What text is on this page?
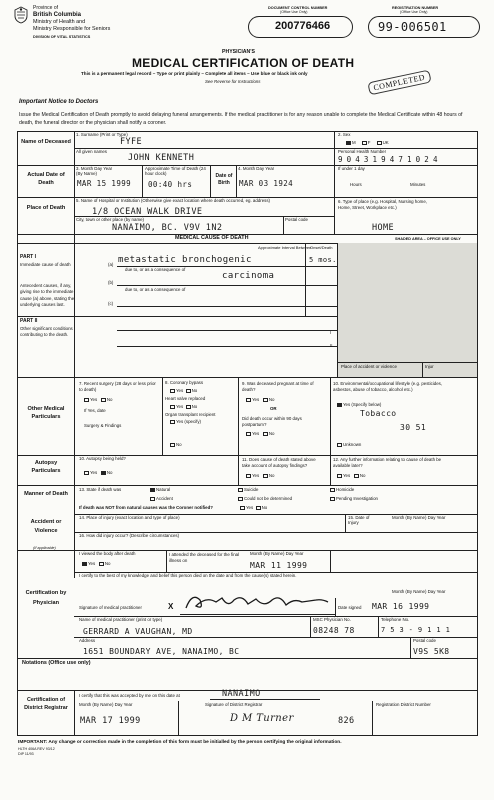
Province of
British Columbia
Ministry of Health and
Ministry Responsible for Seniors
DIVISION OF VITAL STATISTICS
DOCUMENT CONTROL NUMBER
(Office Use Only)
200776466
REGISTRATION NUMBER
(Office Use Only)
99-006501
PHYSICIAN'S
MEDICAL CERTIFICATION OF DEATH
This is a permanent legal record – Type or print plainly – Complete all items – Use blue or black ink only
See Reverse for Instructions	COMPLETED
Important Notice to Doctors
Issue the Medical Certification of Death promptly to avoid delaying funeral arrangements. If the medical practitioner is for any reason unable to complete the Medical Certificate within 48 hours of death, the funeral director or the physician shall notify a coroner.
Name of Deceased
1. Surname (Print or Type)
FYFE
All given names
JOHN KENNETH
2. Sex
M	F	UK
Personal Health Number
9 0 4 3 1 9 4 7 1 0 2 4
Actual Date of Death
3. Month Day Year
(By Name)
MAR 15 1999
Approximate Time of Death (24 hour clock)
00:40 hrs
Date of Birth
4. Month Day Year
MAR 03 1924
If under 1 day
Hours	Minutes
Place of Death
5. Name of Hospital or Institution (Otherwise give exact location where death occurred, eg. address)
1/8 OCEAN WALK DRIVE
City, town or other place (by name)
NANAIMO, BC. V9V 1N2
Postal code
6. Type of place (e.g. Hospital, Nursing home, Home, Street, Workplace etc.)
HOME
MEDICAL CAUSE OF DEATH	SHADED AREA – OFFICE USE ONLY
Approximate Interval Between
Onset/Death
PART I
Immediate cause of death	(a) metastatic bronchogenic	5 mos.
due to, or as a consequence of
Antecedent causes, if any, giving rise to the immediate cause (a) above, stating the underlying causes last.
(b)
carcinoma
due to, or as a consequence of
(c)
PART II
Other significant conditions contributing to the death.	I
II
Place of accident or violence	Injur
Other Medical Particulars
7. Recent surgery (28 days or less prior to death)
Yes No
If Yes, date
Surgery & Findings
8. Coronary bypass
Yes No
Heart valve replaced
Yes No
Organ transplant recipient
Yes (specify)
No
9. Was deceased pregnant at time of death?
Yes No
OR
Did death occur within 90 days postpartum?
Yes No
10. Environmental/occupational lifestyle (e.g. pesticides, asbestos, abuse of tobacco, alcohol etc.)
Yes (Specify below)
Tobacco
30 51
Unknown
Autopsy Particulars
10. Autopsy being held?
Yes No
11. Does cause of death stated above take account of autopsy findings?
Yes No
12. Any further information relating to cause of death be available later?
Yes No
Manner of Death
13. State if death was	Natural	Suicide	Homicide
Accident	Could not be determined	Pending Investigation
If death was NOT from natural causes was the Coroner notified?	Yes No
Accident or Violence
(If applicable)
14. Place of injury (exact location and type of place)	15. Date of Injury
Month (By Name) Day Year
16. How did injury occur? (Describe circumstances)
Certification by Physician
I viewed the body after death
Yes No
I attended the deceased for the final illness on
Month (By Name) Day Year
MAR 11 1999
I certify to the best of my knowledge and belief this person died on the date and from the cause(s) stated herein.
Signature of medical practitioner	X	Date signed
Month (By Name) Day Year
MAR 16 1999
Name of medical practitioner (print or type)
GERRARD A VAUGHAN, MD
MSC Physician No.
08248 78
Telephone No.
7 5 3 - 9 1 1 1
Address
1651 BOUNDARY AVE, NANAIMO, BC
Postal code
V9S 5K8
Notations (Office use only)
Certification of District Registrar
I certify that this was accepted by me on this date at	NANAIMO
Month (By Name) Day Year	Signature of District Registrar	Registration District Number
MAR 17 1999	D M Turner	826
IMPORTANT: Any change or correction made in the completion of this form must be initialled by the person certifying the original information.
HLTH 406A REV 93/12
DIP 11/93
